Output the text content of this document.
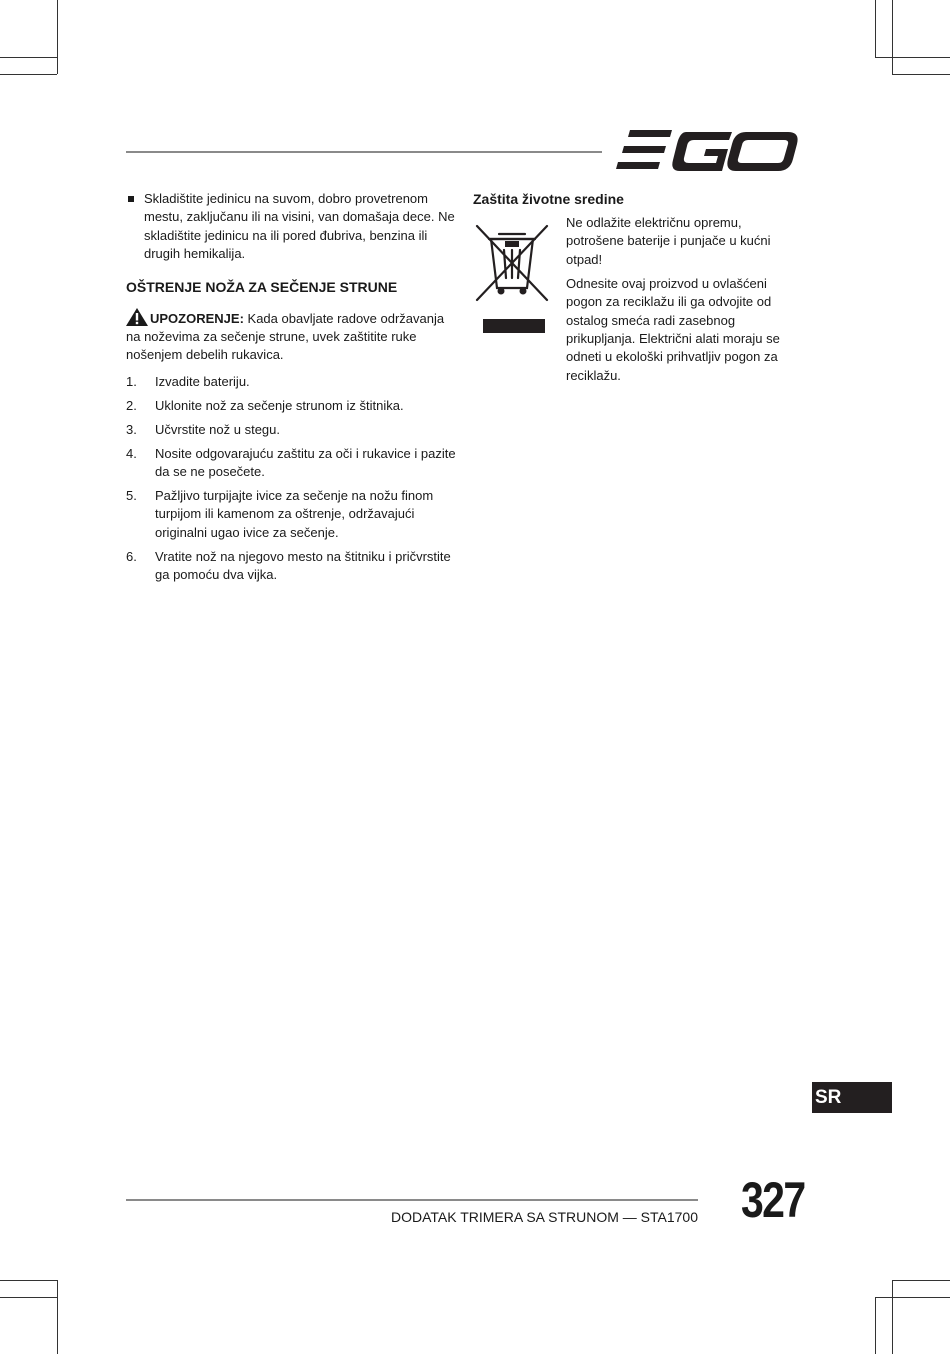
Skladištite jedinicu na suvom, dobro provetrenom mestu, zaključanu ili na visini, van domašaja dece. Ne skladištite jedinicu na ili pored đubriva, benzina ili drugih hemikalija.
OŠTRENJE NOŽA ZA SEČENJE STRUNE
UPOZORENJE: Kada obavljate radove održavanja na noževima za sečenje strune, uvek zaštitite ruke nošenjem debelih rukavica.
1. Izvadite bateriju.
2. Uklonite nož za sečenje strunom iz štitnika.
3. Učvrstite nož u stegu.
4. Nosite odgovarajuću zaštitu za oči i rukavice i pazite da se ne posečete.
5. Pažljivo turpijajte ivice za sečenje na nožu finom turpijom ili kamenom za oštrenje, održavajući originalni ugao ivice za sečenje.
6. Vratite nož na njegovo mesto na štitniku i pričvrstite ga pomoću dva vijka.
Zaštita životne sredine

Ne odlažite električnu opremu, potrošene baterije i punjače u kućni otpad!

Odnesite ovaj proizvod u ovlašćeni pogon za reciklažu ili ga odvojite od ostalog smeća radi zasebnog prikupljanja. Električni alati moraju se odneti u ekološki prihvatljiv pogon za reciklažu.

SR
DODATAK TRIMERA SA STRUNOM — STA1700 327
